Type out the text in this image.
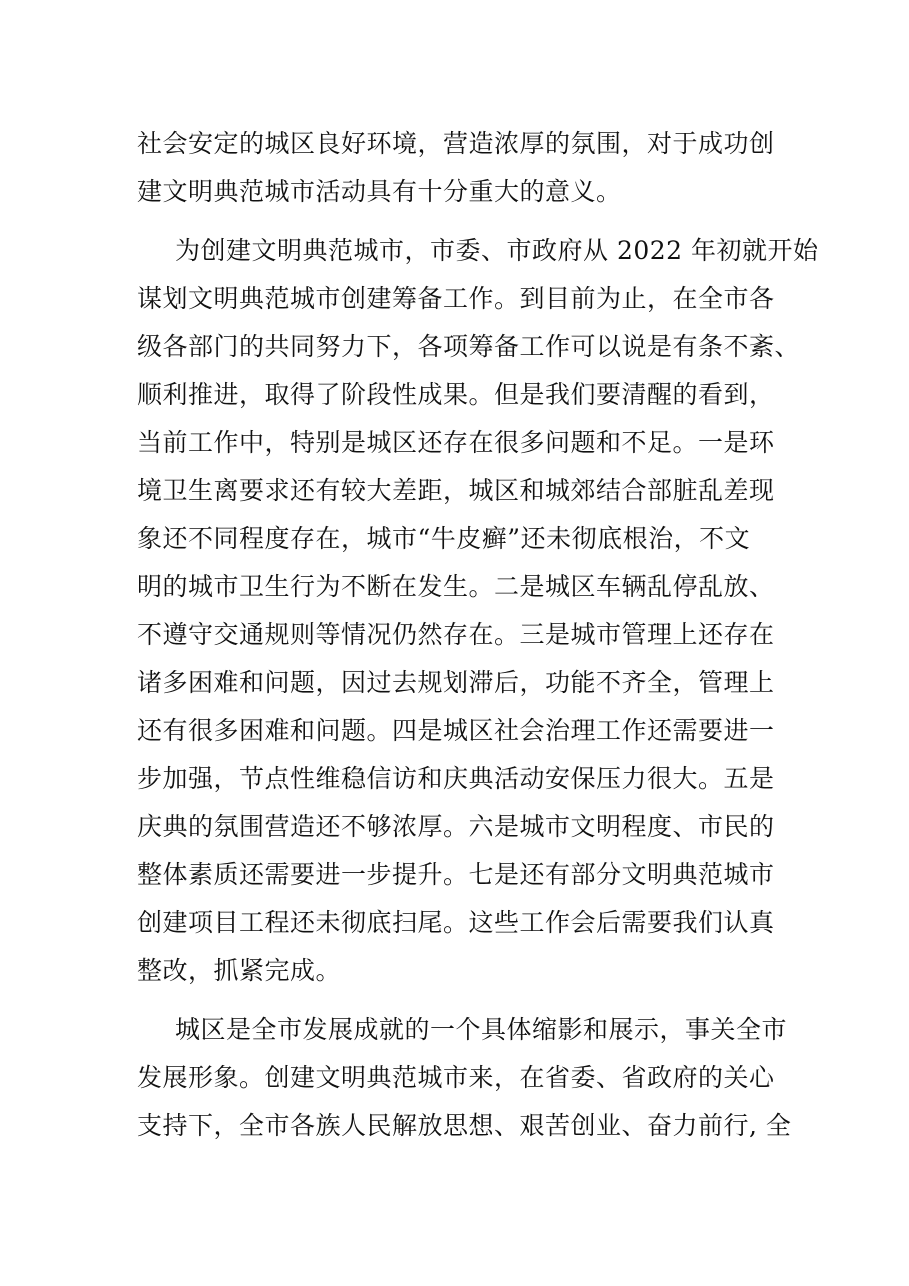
社会安定的城区良好环境，营造浓厚的氛围，对于成功创
建文明典范城市活动具有十分重大的意义。
为创建文明典范城市，市委、市政府从 2022 年初就开始
谋划文明典范城市创建筹备工作。到目前为止，在全市各
级各部门的共同努力下，各项筹备工作可以说是有条不紊、
顺利推进，取得了阶段性成果。但是我们要清醒的看到，
当前工作中，特别是城区还存在很多问题和不足。一是环
境卫生离要求还有较大差距，城区和城郊结合部脏乱差现
象还不同程度存在，城市“牛皮癣”还未彻底根治，不文
明的城市卫生行为不断在发生。二是城区车辆乱停乱放、
不遵守交通规则等情况仍然存在。三是城市管理上还存在
诸多困难和问题，因过去规划滞后，功能不齐全，管理上
还有很多困难和问题。四是城区社会治理工作还需要进一
步加强，节点性维稳信访和庆典活动安保压力很大。五是
庆典的氛围营造还不够浓厚。六是城市文明程度、市民的
整体素质还需要进一步提升。七是还有部分文明典范城市
创建项目工程还未彻底扫尾。这些工作会后需要我们认真
整改，抓紧完成。
城区是全市发展成就的一个具体缩影和展示，事关全市
发展形象。创建文明典范城市来，在省委、省政府的关心
支持下，全市各族人民解放思想、艰苦创业、奋力前行, 全
